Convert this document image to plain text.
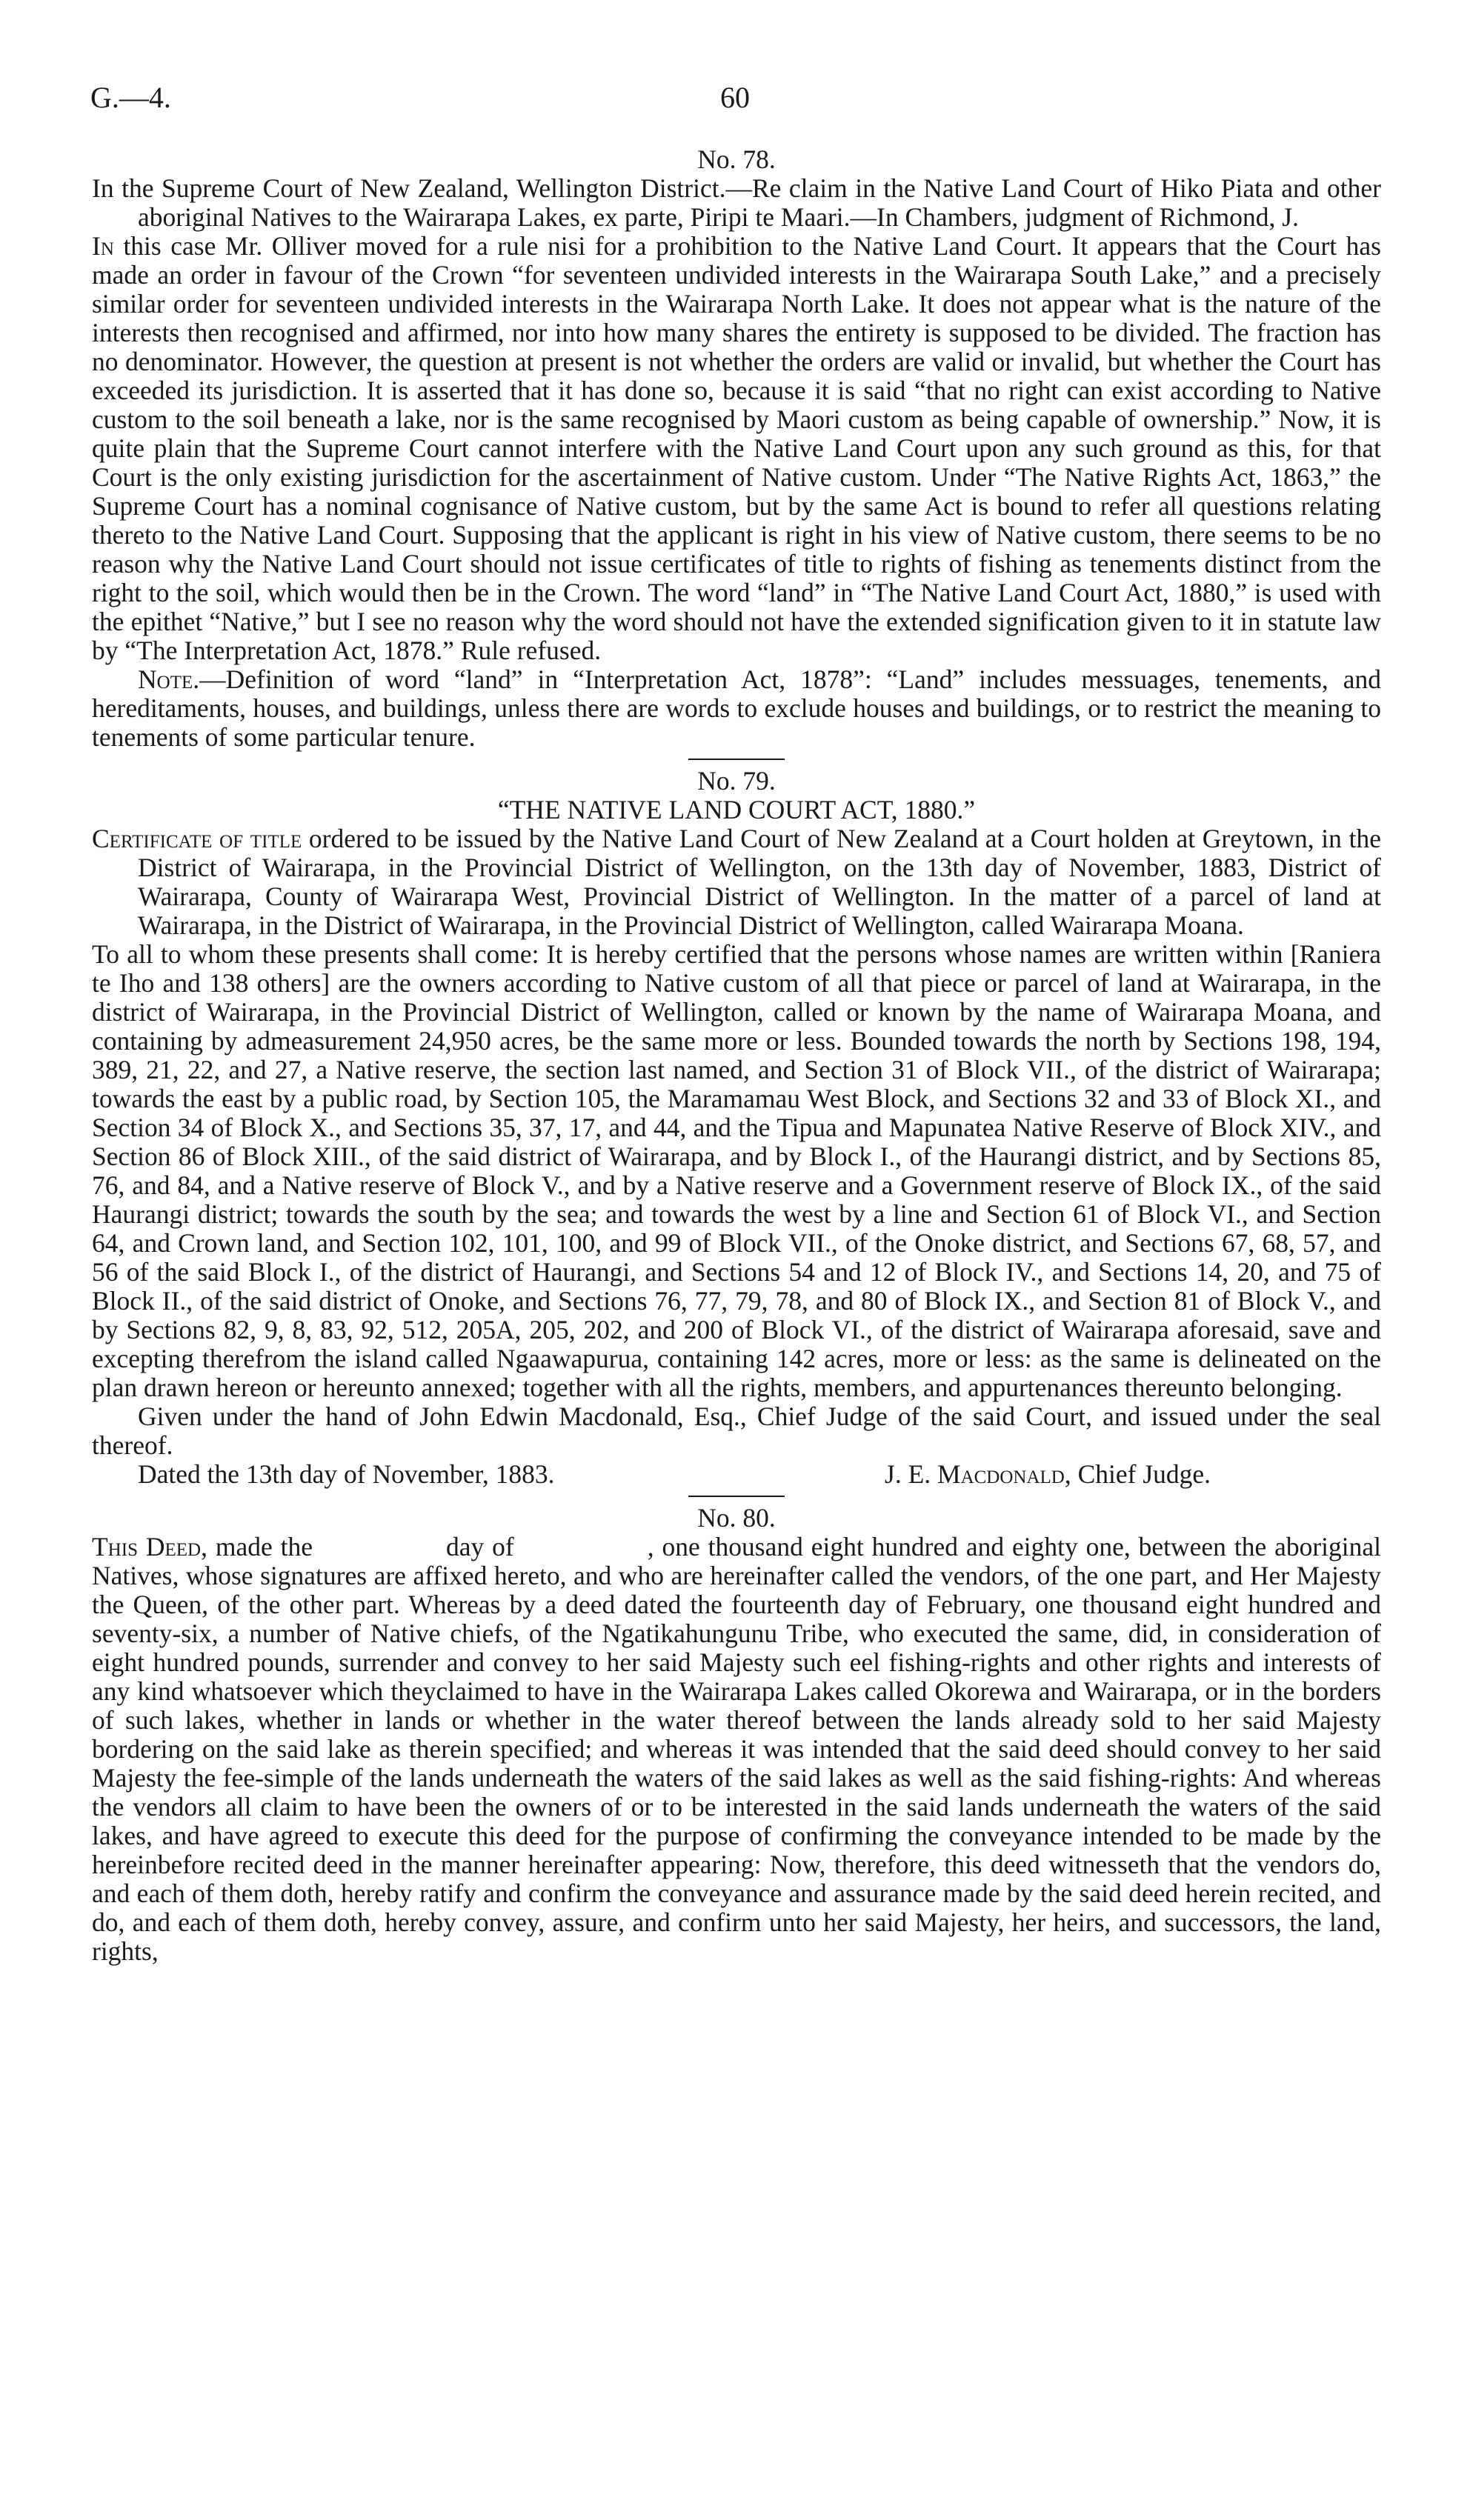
G.—4.	60

No. 78.

In the Supreme Court of New Zealand, Wellington District.—Re claim in the Native Land Court of Hiko Piata and other aboriginal Natives to the Wairarapa Lakes, ex parte, Piripi te Maari.—In Chambers, judgment of Richmond, J.

In this case Mr. Olliver moved for a rule nisi for a prohibition to the Native Land Court. It appears that the Court has made an order in favour of the Crown “for seventeen undivided interests in the Wairarapa South Lake,” and a precisely similar order for seventeen undivided interests in the Wairarapa North Lake. It does not appear what is the nature of the interests then recognised and affirmed, nor into how many shares the entirety is supposed to be divided. The fraction has no denominator. However, the question at present is not whether the orders are valid or invalid, but whether the Court has exceeded its jurisdiction. It is asserted that it has done so, because it is said “that no right can exist according to Native custom to the soil beneath a lake, nor is the same recognised by Maori custom as being capable of ownership.” Now, it is quite plain that the Supreme Court cannot interfere with the Native Land Court upon any such ground as this, for that Court is the only existing jurisdiction for the ascertainment of Native custom. Under “The Native Rights Act, 1863,” the Supreme Court has a nominal cognisance of Native custom, but by the same Act is bound to refer all questions relating thereto to the Native Land Court. Supposing that the applicant is right in his view of Native custom, there seems to be no reason why the Native Land Court should not issue certificates of title to rights of fishing as tenements distinct from the right to the soil, which would then be in the Crown. The word “land” in “The Native Land Court Act, 1880,” is used with the epithet “Native,” but I see no reason why the word should not have the extended signification given to it in statute law by “The Interpretation Act, 1878.” Rule refused.

Note.—Definition of word “land” in “Interpretation Act, 1878”: “Land” includes messuages, tenements, and hereditaments, houses, and buildings, unless there are words to exclude houses and buildings, or to restrict the meaning to tenements of some particular tenure.

No. 79.

“THE NATIVE LAND COURT ACT, 1880.”

Certificate of title ordered to be issued by the Native Land Court of New Zealand at a Court holden at Greytown, in the District of Wairarapa, in the Provincial District of Wellington, on the 13th day of November, 1883, District of Wairarapa, County of Wairarapa West, Provincial District of Wellington. In the matter of a parcel of land at Wairarapa, in the District of Wairarapa, in the Provincial District of Wellington, called Wairarapa Moana.

To all to whom these presents shall come: It is hereby certified that the persons whose names are written within [Raniera te Iho and 138 others] are the owners according to Native custom of all that piece or parcel of land at Wairarapa, in the district of Wairarapa, in the Provincial District of Wellington, called or known by the name of Wairarapa Moana, and containing by admeasurement 24,950 acres, be the same more or less. Bounded towards the north by Sections 198, 194, 389, 21, 22, and 27, a Native reserve, the section last named, and Section 31 of Block VII., of the district of Wairarapa; towards the east by a public road, by Section 105, the Maramamau West Block, and Sections 32 and 33 of Block XI., and Section 34 of Block X., and Sections 35, 37, 17, and 44, and the Tipua and Mapunatea Native Reserve of Block XIV., and Section 86 of Block XIII., of the said district of Wairarapa, and by Block I., of the Haurangi district, and by Sections 85, 76, and 84, and a Native reserve of Block V., and by a Native reserve and a Government reserve of Block IX., of the said Haurangi district; towards the south by the sea; and towards the west by a line and Section 61 of Block VI., and Section 64, and Crown land, and Section 102, 101, 100, and 99 of Block VII., of the Onoke district, and Sections 67, 68, 57, and 56 of the said Block I., of the district of Haurangi, and Sections 54 and 12 of Block IV., and Sections 14, 20, and 75 of Block II., of the said district of Onoke, and Sections 76, 77, 79, 78, and 80 of Block IX., and Section 81 of Block V., and by Sections 82, 9, 8, 83, 92, 512, 205A, 205, 202, and 200 of Block VI., of the district of Wairarapa aforesaid, save and excepting therefrom the island called Ngaawapurua, containing 142 acres, more or less: as the same is delineated on the plan drawn hereon or hereunto annexed; together with all the rights, members, and appurtenances thereunto belonging.

Given under the hand of John Edwin Macdonald, Esq., Chief Judge of the said Court, and issued under the seal thereof.

Dated the 13th day of November, 1883.	J. E. Macdonald, Chief Judge.

No. 80.

This Deed, made the	day of	, one thousand eight hundred and eighty one, between the aboriginal Natives, whose signatures are affixed hereto, and who are hereinafter called the vendors, of the one part, and Her Majesty the Queen, of the other part. Whereas by a deed dated the fourteenth day of February, one thousand eight hundred and seventy-six, a number of Native chiefs, of the Ngatikahungunu Tribe, who executed the same, did, in consideration of eight hundred pounds, surrender and convey to her said Majesty such eel fishing-rights and other rights and interests of any kind whatsoever which theyclaimed to have in the Wairarapa Lakes called Okorewa and Wairarapa, or in the borders of such lakes, whether in lands or whether in the water thereof between the lands already sold to her said Majesty bordering on the said lake as therein specified; and whereas it was intended that the said deed should convey to her said Majesty the fee-simple of the lands underneath the waters of the said lakes as well as the said fishing-rights: And whereas the vendors all claim to have been the owners of or to be interested in the said lands underneath the waters of the said lakes, and have agreed to execute this deed for the purpose of confirming the conveyance intended to be made by the hereinbefore recited deed in the manner hereinafter appearing: Now, therefore, this deed witnesseth that the vendors do, and each of them doth, hereby ratify and confirm the conveyance and assurance made by the said deed herein recited, and do, and each of them doth, hereby convey, assure, and confirm unto her said Majesty, her heirs, and successors, the land, rights,
